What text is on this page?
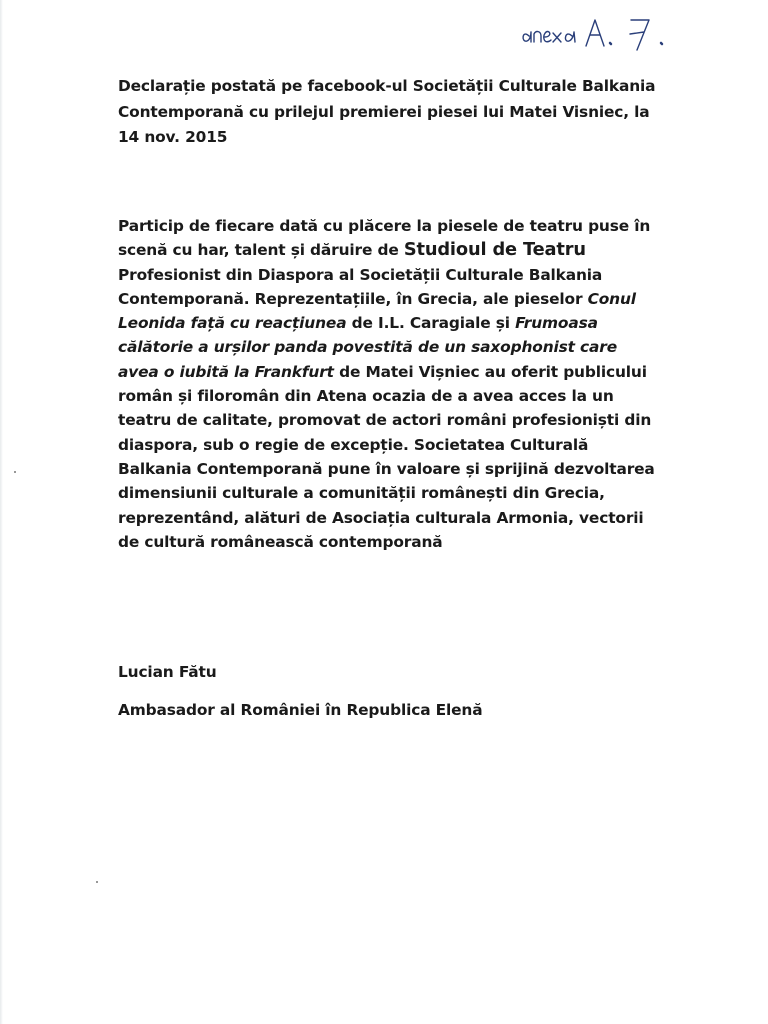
Declarație postată pe facebook-ul Societății Culturale Balkania
Contemporană cu prilejul premierei piesei lui Matei Visniec, la
14 nov. 2015
Particip de fiecare dată cu plăcere la piesele de teatru puse în
scenă cu har, talent și dăruire de Studioul de Teatru
Profesionist din Diaspora al Societății Culturale Balkania
Contemporană. Reprezentațiile, în Grecia, ale pieselor Conul
Leonida față cu reacțiunea de I.L. Caragiale și Frumoasa
călătorie a urșilor panda povestită de un saxophonist care
avea o iubită la Frankfurt de Matei Vișniec au oferit publicului
român și filoromân din Atena ocazia de a avea acces la un
teatru de calitate, promovat de actori români profesioniști din
diaspora, sub o regie de excepție. Societatea Culturală
Balkania Contemporană pune în valoare și sprijină dezvoltarea
dimensiunii culturale a comunității românești din Grecia,
reprezentând, alături de Asociația culturala Armonia, vectorii
de cultură românească contemporană
Lucian Fătu
Ambasador al României în Republica Elenă
